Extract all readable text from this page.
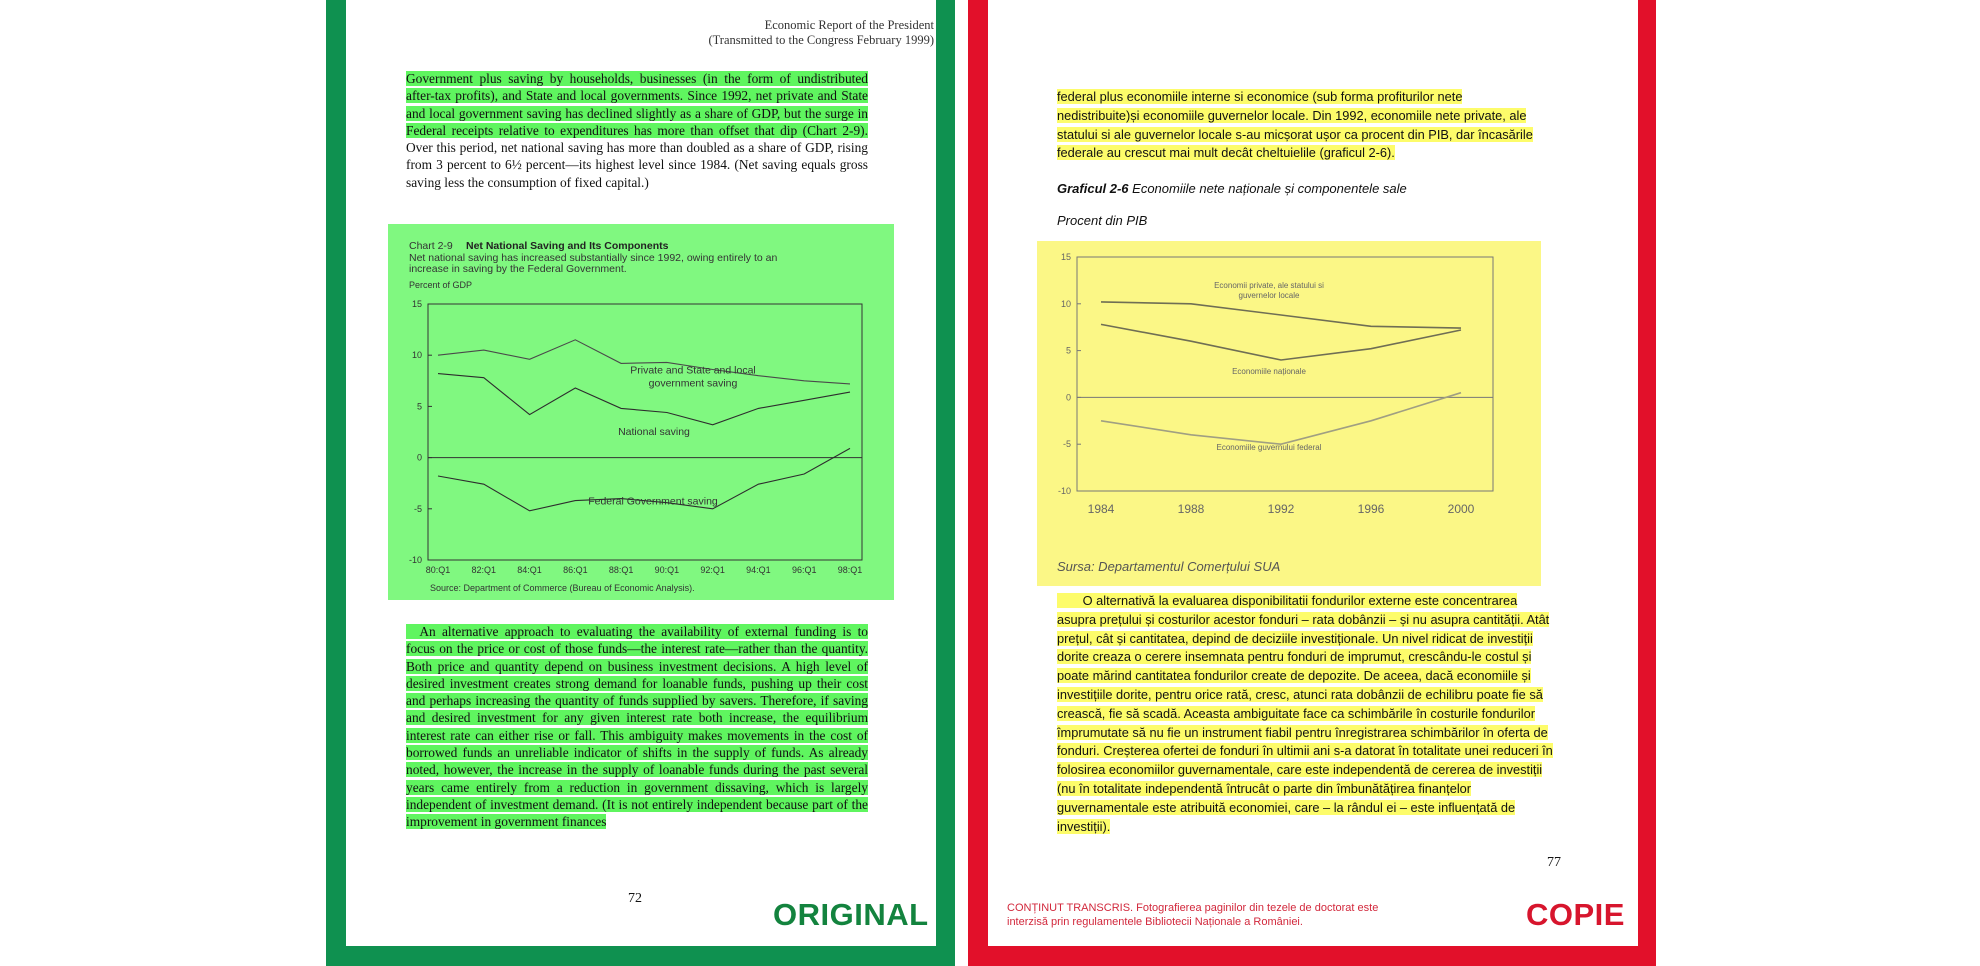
Economic Report of the President
(Transmitted to the Congress February 1999)
Government plus saving by households, businesses (in the form of undistributed after-tax profits), and State and local governments. Since 1992, net private and State and local government saving has declined slightly as a share of GDP, but the surge in Federal receipts relative to expenditures has more than offset that dip (Chart 2-9). Over this period, net national saving has more than doubled as a share of GDP, rising from 3 percent to 6½ percent—its highest level since 1984. (Net saving equals gross saving less the consumption of fixed capital.)
Chart 2-9 Net National Saving and Its Components
Net national saving has increased substantially since 1992, owing entirely to an
increase in saving by the Federal Government.
Percent of GDP
15
10
5
0
-5
-10
80:Q1 82:Q1 84:Q1 86:Q1 88:Q1 90:Q1 92:Q1 94:Q1 96:Q1 98:Q1
Private and State and local
government saving
National saving
Federal Government saving
Source: Department of Commerce (Bureau of Economic Analysis).
 An alternative approach to evaluating the availability of external funding is to focus on the price or cost of those funds—the interest rate—rather than the quantity. Both price and quantity depend on business investment decisions. A high level of desired investment creates strong demand for loanable funds, pushing up their cost and perhaps increasing the quantity of funds supplied by savers. Therefore, if saving and desired investment for any given interest rate both increase, the equilibrium interest rate can either rise or fall. This ambiguity makes movements in the cost of borrowed funds an unreliable indicator of shifts in the supply of funds. As already noted, however, the increase in the supply of loanable funds during the past several years came entirely from a reduction in government dissaving, which is largely independent of investment demand. (It is not entirely independent because part of the improvement in government finances
72	ORIGINAL
federal plus economiile interne si economice (sub forma profiturilor nete nedistribuite)și economiile guvernelor locale. Din 1992, economiile nete private, ale statului si ale guvernelor locale s-au micșorat ușor ca procent din PIB, dar încasările federale au crescut mai mult decât cheltuielile (graficul 2-6).
Graficul 2-6 Economiile nete naționale și componentele sale
Procent din PIB
15
10
5
0
-5
-10
1984	1988	1992	1996	2000
Economii private, ale statului si
guvernelor locale
Economiile naționale
Economiile guvernului federal
Sursa: Departamentul Comerțului SUA
  O alternativă la evaluarea disponibilitatii fondurilor externe este concentrarea asupra prețului și costurilor acestor fonduri – rata dobânzii – și nu asupra cantității. Atât prețul, cât și cantitatea, depind de deciziile investiționale. Un nivel ridicat de investiții dorite creaza o cerere insemnata pentru fonduri de imprumut, crescându-le costul și poate mărind cantitatea fondurilor create de depozite. De aceea, dacă economiile și investițiile dorite, pentru orice rată, cresc, atunci rata dobânzii de echilibru poate fie să crească, fie să scadă. Aceasta ambiguitate face ca schimbările în costurile fondurilor împrumutate să nu fie un instrument fiabil pentru înregistrarea schimbărilor în oferta de fonduri. Creșterea ofertei de fonduri în ultimii ani s-a datorat în totalitate unei reduceri în folosirea economiilor guvernamentale, care este independentă de cererea de investiții (nu în totalitate independentă întrucât o parte din îmbunătățirea finanțelor guvernamentale este atribuită economiei, care – la rândul ei – este influențată de investiții).
77
CONȚINUT TRANSCRIS. Fotografierea paginilor din tezele de doctorat este
interzisă prin regulamentele Bibliotecii Naționale a României.	COPIE
